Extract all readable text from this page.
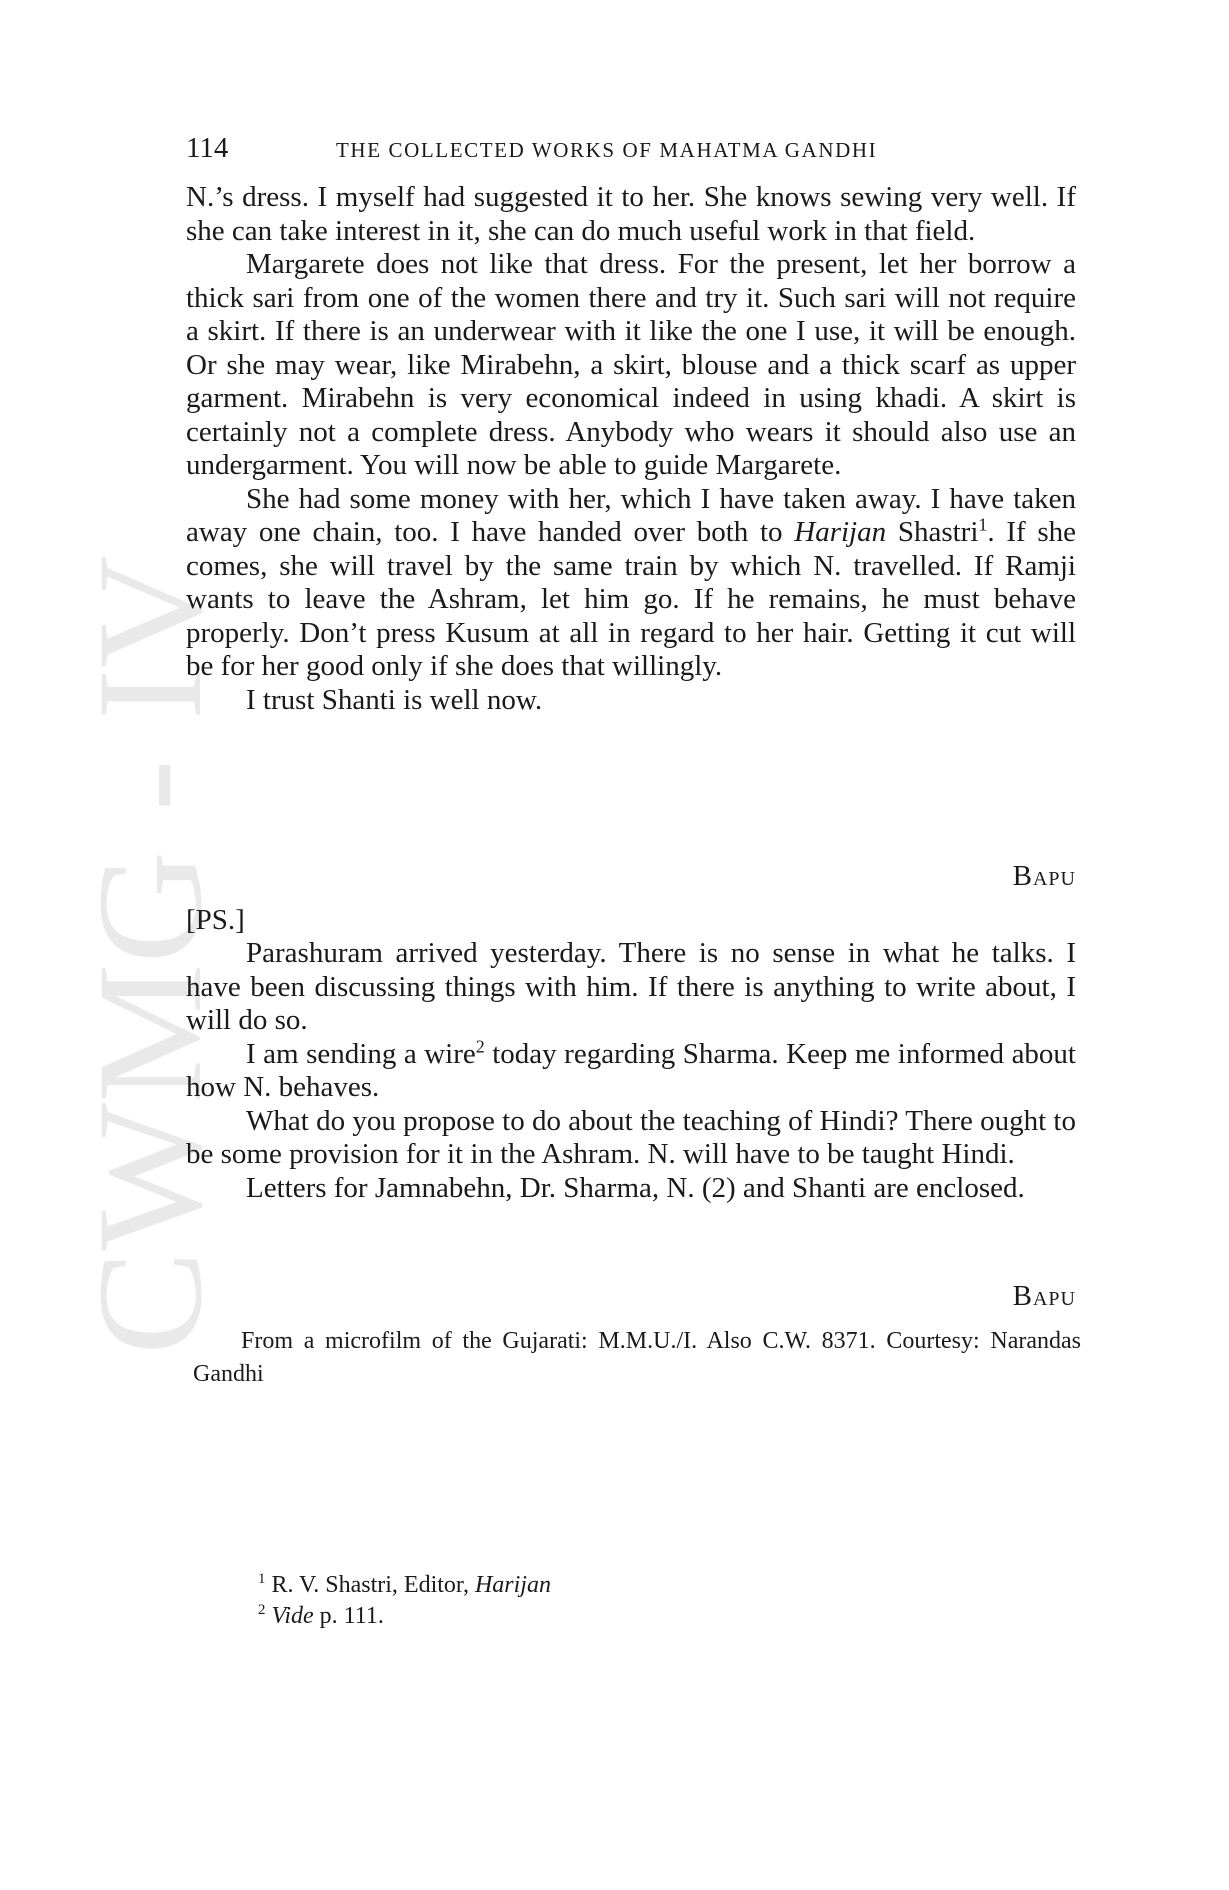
CWMG IV
114	THE COLLECTED WORKS OF MAHATMA GANDHI

N.’s dress. I myself had suggested it to her. She knows sewing very well. If she can take interest in it, she can do much useful work in that field.

Margarete does not like that dress. For the present, let her borrow a thick sari from one of the women there and try it. Such sari will not require a skirt. If there is an underwear with it like the one I use, it will be enough. Or she may wear, like Mirabehn, a skirt, blouse and a thick scarf as upper garment. Mirabehn is very economical indeed in using khadi. A skirt is certainly not a complete dress. Anybody who wears it should also use an undergarment. You will now be able to guide Margarete.

She had some money with her, which I have taken away. I have taken away one chain, too. I have handed over both to Harijan Shastri$^1$. If she comes, she will travel by the same train by which N. travelled. If Ramji wants to leave the Ashram, let him go. If he remains, he must behave properly. Don’t press Kusum at all in regard to her hair. Getting it cut will be for her good only if she does that willingly.

I trust Shanti is well now.

Bapu
[PS.]

Parashuram arrived yesterday. There is no sense in what he talks. I have been discussing things with him. If there is anything to write about, I will do so.

I am sending a wire$^2$ today regarding Sharma. Keep me informed about how N. behaves.

What do you propose to do about the teaching of Hindi? There ought to be some provision for it in the Ashram. N. will have to be taught Hindi.

Letters for Jamnabehn, Dr. Sharma, N. (2) and Shanti are enclosed.

Bapu
From a microfilm of the Gujarati: M.M.U./I. Also C.W. 8371. Courtesy: Narandas Gandhi

$^1$ R. V. Shastri, Editor, Harijan

$^2$ Vide p. 111.
